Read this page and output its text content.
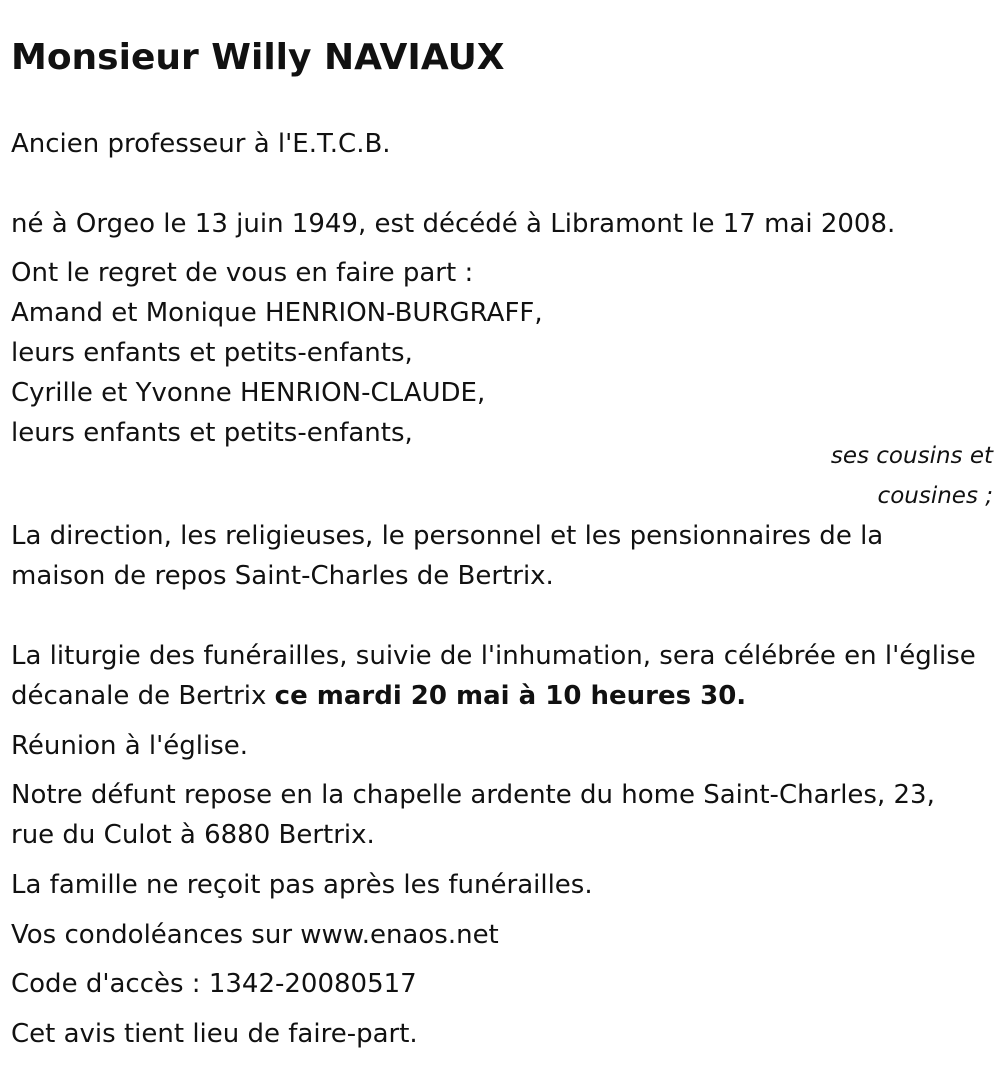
Monsieur Willy NAVIAUX

Ancien professeur à l'E.T.C.B.

né à Orgeo le 13 juin 1949, est décédé à Libramont le 17 mai 2008.

Ont le regret de vous en faire part :

Amand et Monique HENRION-BURGRAFF,

leurs enfants et petits-enfants,

Cyrille et Yvonne HENRION-CLAUDE,

leurs enfants et petits-enfants,

ses cousins et

cousines ;

La direction, les religieuses, le personnel et les pensionnaires de la

maison de repos Saint-Charles de Bertrix.

La liturgie des funérailles, suivie de l'inhumation, sera célébrée en l'église

décanale de Bertrix ce mardi 20 mai à 10 heures 30.

Réunion à l'église.

Notre défunt repose en la chapelle ardente du home Saint-Charles, 23,

rue du Culot à 6880 Bertrix.

La famille ne reçoit pas après les funérailles.

Vos condoléances sur www.enaos.net

Code d'accès : 1342-20080517

Cet avis tient lieu de faire-part.
